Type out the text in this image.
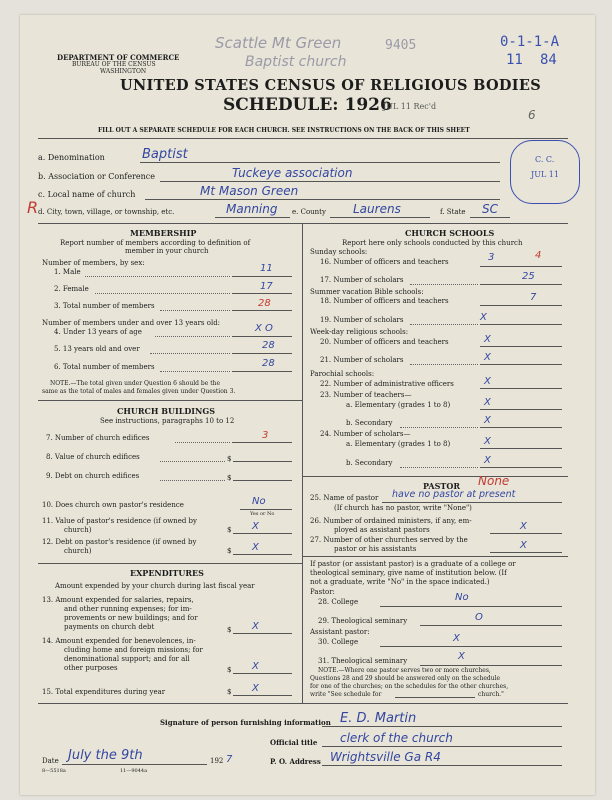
DEPARTMENT OF COMMERCE
BUREAU OF THE CENSUS
WASHINGTON
Scattle Mt Green
Baptist church
9405	0-1-1-A
11 84
UNITED STATES CENSUS OF RELIGIOUS BODIES
SCHEDULE: 1926
JUL 11 Rec'd
6
FILL OUT A SEPARATE SCHEDULE FOR EACH CHURCH. SEE INSTRUCTIONS ON THE BACK OF THIS SHEET
C. C.
JUL 11
a. Denomination	Baptist
b. Association or Conference	Tuckeye association
c. Local name of church	Mt Mason Green
R d. City, town, village, or township, etc.	Manning e. County Laurens	f. State SC
MEMBERSHIP
Report number of members according to definition of
member in your church
Number of members, by sex:
1. Male	11
2. Female	17
3. Total number of members	28
Number of members under and over 13 years old:
4. Under 13 years of age	X O
5. 13 years old and over	28
6. Total number of members	28
NOTE.—The total given under Question 6 should be the
same as the total of males and females given under Question 3.
CHURCH BUILDINGS
See instructions, paragraphs 10 to 12
7. Number of church edifices	3
8. Value of church edifices	$
9. Debt on church edifices	$
10. Does church own pastor's residence	No
Yes or No
11. Value of pastor's residence (if owned by
church)	$ X
12. Debt on pastor's residence (if owned by
church)	$ X
EXPENDITURES
Amount expended by your church during last fiscal year
13. Amount expended for salaries, repairs,
and other running expenses; for im-
provements or new buildings; and for
payments on church debt	$ X
14. Amount expended for benevolences, in-
cluding home and foreign missions; for
denominational support; and for all
other purposes	$ X
15. Total expenditures during year	$ X
CHURCH SCHOOLS
Report here only schools conducted by this church
Sunday schools:
16. Number of officers and teachers	3	4
17. Number of scholars	25
Summer vacation Bible schools:
18. Number of officers and teachers	7
19. Number of scholars	X
Week-day religious schools:
20. Number of officers and teachers	X
21. Number of scholars	X
Parochial schools:
22. Number of administrative officers	X
23. Number of teachers—
a. Elementary (grades 1 to 8)	X
b. Secondary	X
24. Number of scholars—
a. Elementary (grades 1 to 8)	X
b. Secondary	X
PASTOR
25. Name of pastor have no pastor at present
None
(If church has no pastor, write "None")
26. Number of ordained ministers, if any, em-
ployed as assistant pastors	X
27. Number of other churches served by the
pastor or his assistants	X
If pastor (or assistant pastor) is a graduate of a college or
theological seminary, give name of institution below. (If
not a graduate, write "No" in the space indicated.)
Pastor:
28. College	No
29. Theological seminary	O
Assistant pastor:
30. College	X
31. Theological seminary	X
NOTE.—Where one pastor serves two or more churches,
Questions 28 and 29 should be answered only on the schedule
for one of the churches; on the schedules for the other churches,
write "See schedule for	church."
Signature of person furnishing information E. D. Martin
Official title clerk of the church
Date July the 9th	192 7	P. O. Address Wrightsville Ga R4
8—5518a	11—9044a
